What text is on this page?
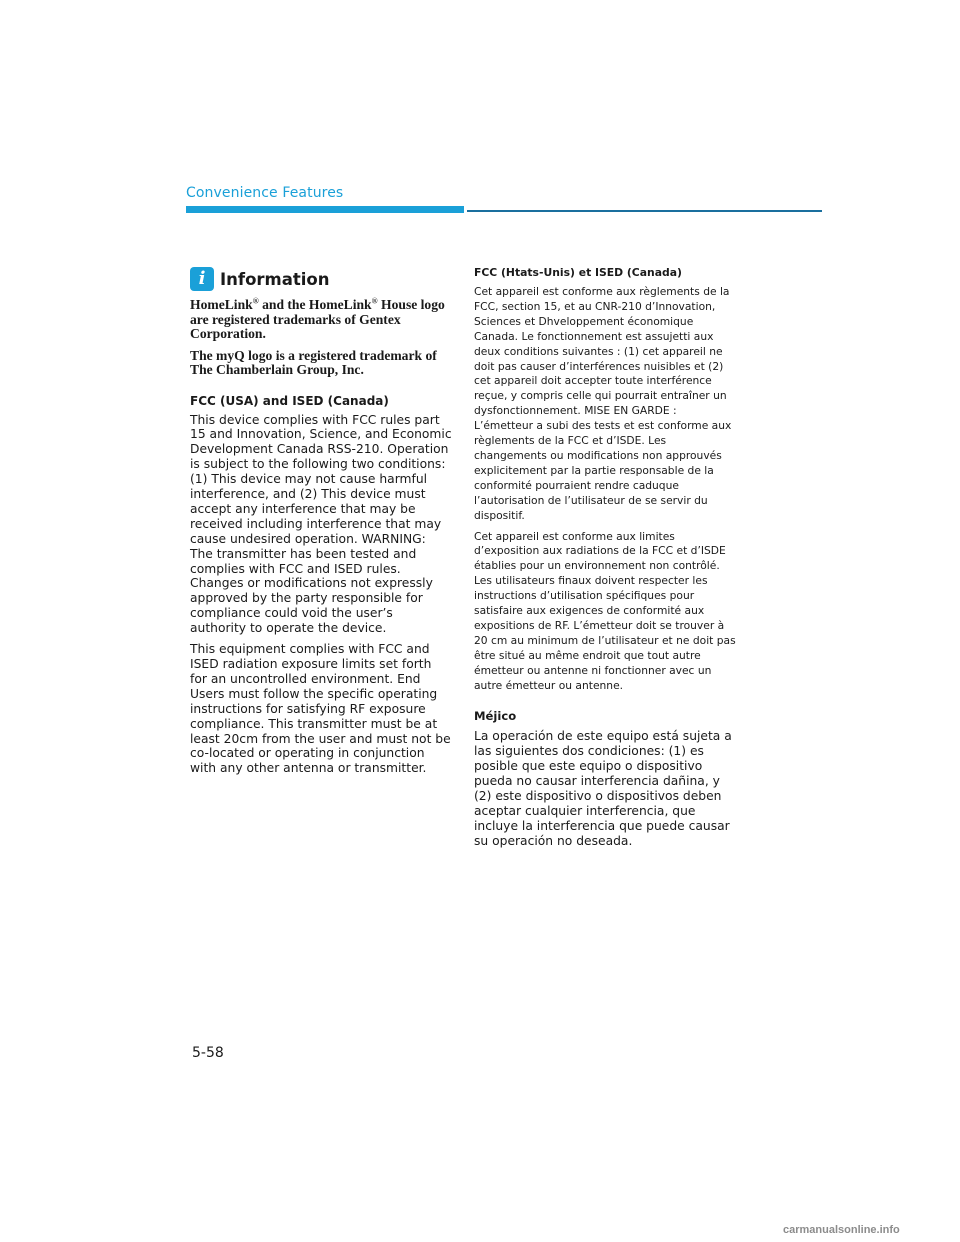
Convenience Features
i Information

HomeLink® and the HomeLink® House logo are registered trademarks of Gentex Corporation.

The myQ logo is a registered trademark of The Chamberlain Group, Inc.

FCC (USA) and ISED (Canada)

This device complies with FCC rules part 15 and Innovation, Science, and Economic Development Canada RSS-210. Operation is subject to the following two conditions: (1) This device may not cause harmful interference, and (2) This device must accept any interference that may be received including interference that may cause undesired operation. WARNING: The transmitter has been tested and complies with FCC and ISED rules. Changes or modifications not expressly approved by the party responsible for compliance could void the user’s authority to operate the device.

This equipment complies with FCC and ISED radiation exposure limits set forth for an uncontrolled environment. End Users must follow the specific operating instructions for satisfying RF exposure compliance. This transmitter must be at least 20cm from the user and must not be co-located or operating in conjunction with any other antenna or transmitter.

FCC (Htats-Unis) et ISED (Canada)

Cet appareil est conforme aux règlements de la FCC, section 15, et au CNR-210 d’Innovation, Sciences et Dhveloppement économique Canada. Le fonctionnement est assujetti aux deux conditions suivantes : (1) cet appareil ne doit pas causer d’interférences nuisibles et (2) cet appareil doit accepter toute interférence reçue, y compris celle qui pourrait entraîner un dysfonctionnement. MISE EN GARDE : L’émetteur a subi des tests et est conforme aux règlements de la FCC et d’ISDE. Les changements ou modifications non approuvés explicitement par la partie responsable de la conformité pourraient rendre caduque l’autorisation de l’utilisateur de se servir du dispositif.

Cet appareil est conforme aux limites d’exposition aux radiations de la FCC et d’ISDE établies pour un environnement non contrôlé. Les utilisateurs finaux doivent respecter les instructions d’utilisation spécifiques pour satisfaire aux exigences de conformité aux expositions de RF. L’émetteur doit se trouver à 20 cm au minimum de l’utilisateur et ne doit pas être situé au même endroit que tout autre émetteur ou antenne ni fonctionner avec un autre émetteur ou antenne.

Méjico

La operación de este equipo está sujeta a las siguientes dos condiciones: (1) es posible que este equipo o dispositivo pueda no causar interferencia dañina, y (2) este dispositivo o dispositivos deben aceptar cualquier interferencia, que incluye la interferencia que puede causar su operación no deseada.

5-58
carmanualsonline.info
